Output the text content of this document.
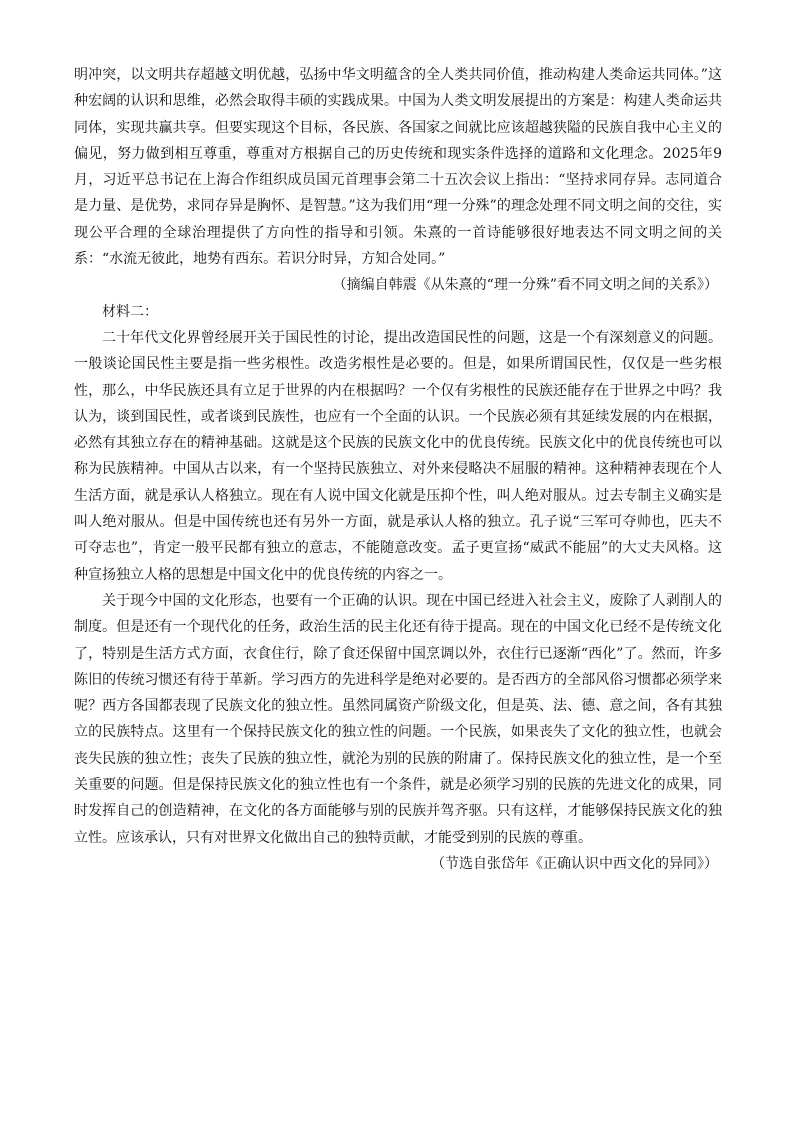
明冲突，以文明共存超越文明优越，弘扬中华文明蕴含的全人类共同价值，推动构建人类命运共同体。”这种宏阔的认识和思维，必然会取得丰硕的实践成果。中国为人类文明发展提出的方案是：构建人类命运共同体，实现共赢共享。但要实现这个目标，各民族、各国家之间就比应该超越狭隘的民族自我中心主义的偏见，努力做到相互尊重，尊重对方根据自己的历史传统和现实条件选择的道路和文化理念。2025年9月，习近平总书记在上海合作组织成员国元首理事会第二十五次会议上指出：“坚持求同存异。志同道合是力量、是优势，求同存异是胸怀、是智慧。”这为我们用“理一分殊”的理念处理不同文明之间的交往，实现公平合理的全球治理提供了方向性的指导和引领。朱熹的一首诗能够很好地表达不同文明之间的关系：“水流无彼此，地势有西东。若识分时异，方知合处同。”

（摘编自韩震《从朱熹的“理一分殊”看不同文明之间的关系》）

材料二：

二十年代文化界曾经展开关于国民性的讨论，提出改造国民性的问题，这是一个有深刻意义的问题。一般谈论国民性主要是指一些劣根性。改造劣根性是必要的。但是，如果所谓国民性，仅仅是一些劣根性，那么，中华民族还具有立足于世界的内在根据吗？一个仅有劣根性的民族还能存在于世界之中吗？我认为，谈到国民性，或者谈到民族性，也应有一个全面的认识。一个民族必须有其延续发展的内在根据，必然有其独立存在的精神基础。这就是这个民族的民族文化中的优良传统。民族文化中的优良传统也可以称为民族精神。中国从古以来，有一个坚持民族独立、对外来侵略决不屈服的精神。这种精神表现在个人生活方面，就是承认人格独立。现在有人说中国文化就是压抑个性，叫人绝对服从。过去专制主义确实是叫人绝对服从。但是中国传统也还有另外一方面，就是承认人格的独立。孔子说“三军可夺帅也，匹夫不可夺志也”，肯定一般平民都有独立的意志，不能随意改变。孟子更宣扬“威武不能屈”的大丈夫风格。这种宣扬独立人格的思想是中国文化中的优良传统的内容之一。

关于现今中国的文化形态，也要有一个正确的认识。现在中国已经进入社会主义，废除了人剥削人的制度。但是还有一个现代化的任务，政治生活的民主化还有待于提高。现在的中国文化已经不是传统文化了，特别是生活方式方面，衣食住行，除了食还保留中国烹调以外，衣住行已逐渐“西化”了。然而，许多陈旧的传统习惯还有待于革新。学习西方的先进科学是绝对必要的。是否西方的全部风俗习惯都必须学来呢？西方各国都表现了民族文化的独立性。虽然同属资产阶级文化，但是英、法、德、意之间，各有其独立的民族特点。这里有一个保持民族文化的独立性的问题。一个民族，如果丧失了文化的独立性，也就会丧失民族的独立性；丧失了民族的独立性，就沦为别的民族的附庸了。保持民族文化的独立性，是一个至关重要的问题。但是保持民族文化的独立性也有一个条件，就是必须学习别的民族的先进文化的成果，同时发挥自己的创造精神，在文化的各方面能够与别的民族并驾齐驱。只有这样，才能够保持民族文化的独立性。应该承认，只有对世界文化做出自己的独特贡献，才能受到别的民族的尊重。

（节选自张岱年《正确认识中西文化的异同》）
